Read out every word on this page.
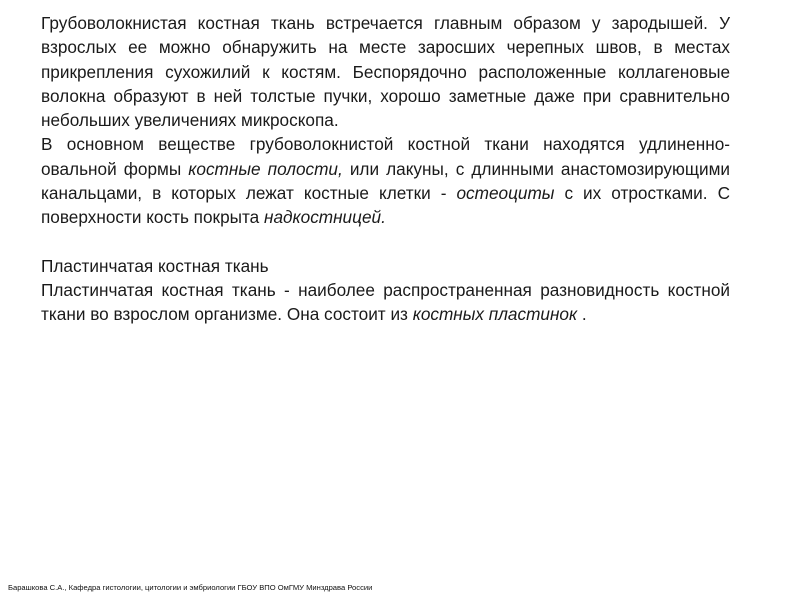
Грубоволокнистая костная ткань встречается главным образом у зародышей. У взрослых ее можно обнаружить на месте заросших черепных швов, в местах прикрепления сухожилий к костям. Беспорядочно расположенные коллагеновые волокна образуют в ней толстые пучки, хорошо заметные даже при сравнительно небольших увеличениях микроскопа.

В основном веществе грубоволокнистой костной ткани находятся удлиненно-овальной формы костные полости, или лакуны, с длинными анастомозирующими канальцами, в которых лежат костные клетки - остеоциты с их отростками. С поверхности кость покрыта надкостницей.

Пластинчатая костная ткань

Пластинчатая костная ткань - наиболее распространенная разновидность костной ткани во взрослом организме. Она состоит из костных пластинок .

Барашкова С.А., Кафедра гистологии, цитологии и эмбриологии ГБОУ ВПО ОмГМУ Минздрава России
